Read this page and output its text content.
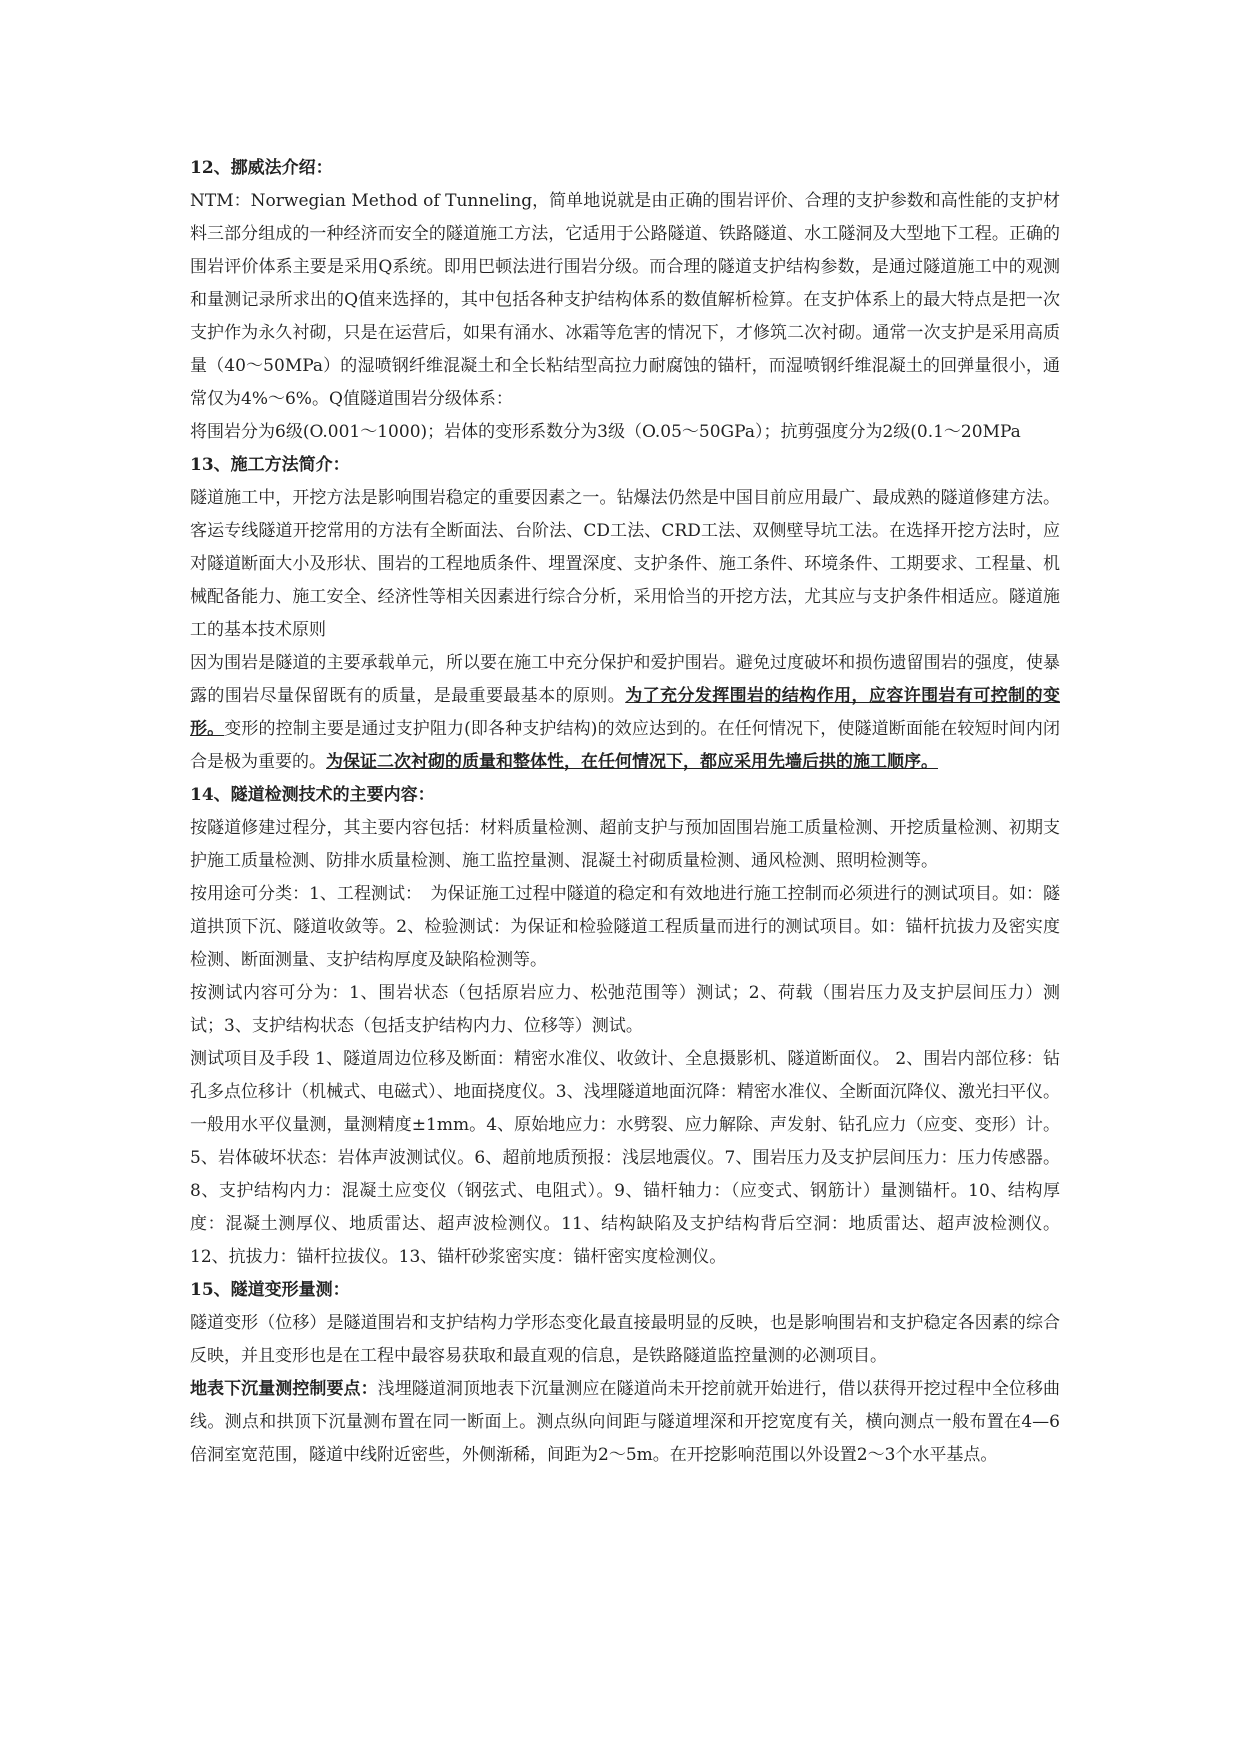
12、挪威法介绍：

NTM：Norwegian Method of Tunneling，简单地说就是由正确的围岩评价、合理的支护参数和高性能的支护材料三部分组成的一种经济而安全的隧道施工方法，它适用于公路隧道、铁路隧道、水工隧洞及大型地下工程。正确的围岩评价体系主要是采用Q系统。即用巴顿法进行围岩分级。而合理的隧道支护结构参数，是通过隧道施工中的观测和量测记录所求出的Q值来选择的，其中包括各种支护结构体系的数值解析检算。在支护体系上的最大特点是把一次支护作为永久衬砌，只是在运营后，如果有涌水、冰霜等危害的情况下，才修筑二次衬砌。通常一次支护是采用高质量（40～50MPa）的湿喷钢纤维混凝土和全长粘结型高拉力耐腐蚀的锚杆，而湿喷钢纤维混凝土的回弹量很小，通常仅为4%～6%。Q值隧道围岩分级体系：

将围岩分为6级(O.001～1000)；岩体的变形系数分为3级（O.05～50GPa）；抗剪强度分为2级(0.1～20MPa

13、施工方法简介：

隧道施工中，开挖方法是影响围岩稳定的重要因素之一。钻爆法仍然是中国目前应用最广、最成熟的隧道修建方法。客运专线隧道开挖常用的方法有全断面法、台阶法、CD工法、CRD工法、双侧壁导坑工法。在选择开挖方法时，应对隧道断面大小及形状、围岩的工程地质条件、埋置深度、支护条件、施工条件、环境条件、工期要求、工程量、机械配备能力、施工安全、经济性等相关因素进行综合分析，采用恰当的开挖方法，尤其应与支护条件相适应。隧道施工的基本技术原则

因为围岩是隧道的主要承载单元，所以要在施工中充分保护和爱护围岩。避免过度破坏和损伤遗留围岩的强度，使暴露的围岩尽量保留既有的质量，是最重要最基本的原则。为了充分发挥围岩的结构作用，应容许围岩有可控制的变形。变形的控制主要是通过支护阻力(即各种支护结构)的效应达到的。在任何情况下，使隧道断面能在较短时间内闭合是极为重要的。为保证二次衬砌的质量和整体性，在任何情况下，都应采用先墙后拱的施工顺序。

14、隧道检测技术的主要内容：

按隧道修建过程分，其主要内容包括：材料质量检测、超前支护与预加固围岩施工质量检测、开挖质量检测、初期支护施工质量检测、防排水质量检测、施工监控量测、混凝土衬砌质量检测、通风检测、照明检测等。

按用途可分类：1、工程测试：　为保证施工过程中隧道的稳定和有效地进行施工控制而必须进行的测试项目。如：隧道拱顶下沉、隧道收敛等。2、检验测试：为保证和检验隧道工程质量而进行的测试项目。如：锚杆抗拔力及密实度检测、断面测量、支护结构厚度及缺陷检测等。

按测试内容可分为：1、围岩状态（包括原岩应力、松弛范围等）测试；2、荷载（围岩压力及支护层间压力）测试；3、支护结构状态（包括支护结构内力、位移等）测试。

测试项目及手段 1、隧道周边位移及断面：精密水准仪、收敛计、全息摄影机、隧道断面仪。 2、围岩内部位移：钻孔多点位移计（机械式、电磁式）、地面挠度仪。3、浅埋隧道地面沉降：精密水准仪、全断面沉降仪、激光扫平仪。一般用水平仪量测，量测精度±1mm。4、原始地应力：水劈裂、应力解除、声发射、钻孔应力（应变、变形）计。5、岩体破坏状态：岩体声波测试仪。6、超前地质预报：浅层地震仪。7、围岩压力及支护层间压力：压力传感器。8、支护结构内力：混凝土应变仪（钢弦式、电阻式）。9、锚杆轴力：（应变式、钢筋计）量测锚杆。10、结构厚度：混凝土测厚仪、地质雷达、超声波检测仪。11、结构缺陷及支护结构背后空洞：地质雷达、超声波检测仪。12、抗拔力：锚杆拉拔仪。13、锚杆砂浆密实度：锚杆密实度检测仪。

15、隧道变形量测：

隧道变形（位移）是隧道围岩和支护结构力学形态变化最直接最明显的反映，也是影响围岩和支护稳定各因素的综合反映，并且变形也是在工程中最容易获取和最直观的信息，是铁路隧道监控量测的必测项目。

地表下沉量测控制要点：浅埋隧道洞顶地表下沉量测应在隧道尚未开挖前就开始进行，借以获得开挖过程中全位移曲线。测点和拱顶下沉量测布置在同一断面上。测点纵向间距与隧道埋深和开挖宽度有关，横向测点一般布置在4—6倍洞室宽范围，隧道中线附近密些，外侧渐稀，间距为2～5m。在开挖影响范围以外设置2～3个水平基点。
